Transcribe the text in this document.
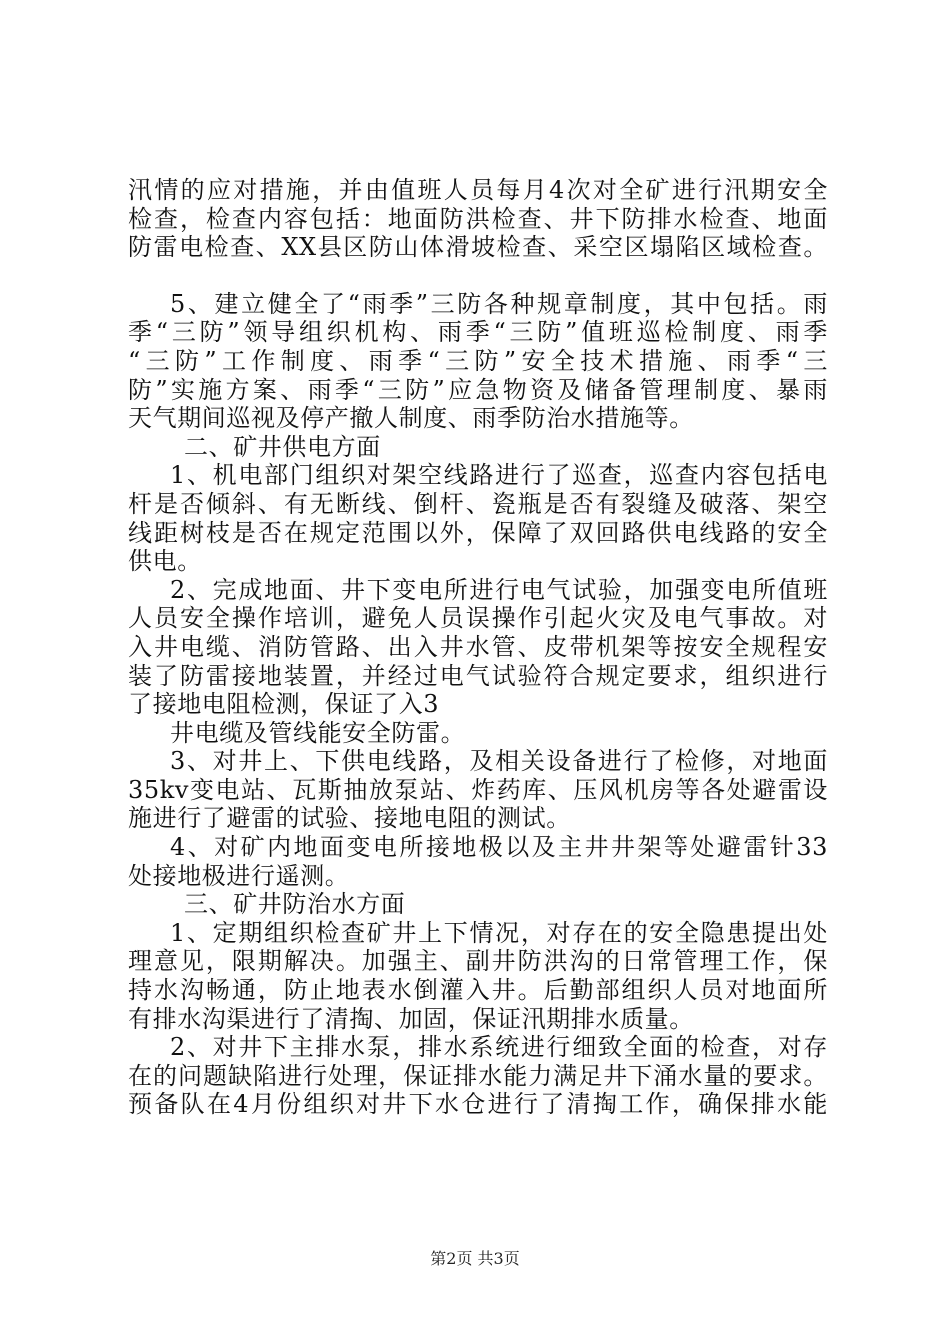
汛情的应对措施，并由值班人员每月4次对全矿进行汛期安全
检查，检查内容包括：地面防洪检查、井下防排水检查、地面
防雷电检查、XX县区防山体滑坡检查、采空区塌陷区域检查。
5、建立健全了“雨季”三防各种规章制度，其中包括。雨
季“三防”领导组织机构、雨季“三防”值班巡检制度、雨季
“三防”工作制度、雨季“三防”安全技术措施、雨季“三
防”实施方案、雨季“三防”应急物资及储备管理制度、暴雨
天气期间巡视及停产撤人制度、雨季防治水措施等。
二、矿井供电方面
1、机电部门组织对架空线路进行了巡查，巡查内容包括电
杆是否倾斜、有无断线、倒杆、瓷瓶是否有裂缝及破落、架空
线距树枝是否在规定范围以外，保障了双回路供电线路的安全
供电。
2、完成地面、井下变电所进行电气试验，加强变电所值班
人员安全操作培训，避免人员误操作引起火灾及电气事故。对
入井电缆、消防管路、出入井水管、皮带机架等按安全规程安
装了防雷接地装置，并经过电气试验符合规定要求，组织进行
了接地电阻检测，保证了入3
井电缆及管线能安全防雷。
3、对井上、下供电线路，及相关设备进行了检修，对地面
35kv变电站、瓦斯抽放泵站、炸药库、压风机房等各处避雷设
施进行了避雷的试验、接地电阻的测试。
4、对矿内地面变电所接地极以及主井井架等处避雷针33
处接地极进行遥测。
三、矿井防治水方面
1、定期组织检查矿井上下情况，对存在的安全隐患提出处
理意见，限期解决。加强主、副井防洪沟的日常管理工作，保
持水沟畅通，防止地表水倒灌入井。后勤部组织人员对地面所
有排水沟渠进行了清掏、加固，保证汛期排水质量。
2、对井下主排水泵，排水系统进行细致全面的检查，对存
在的问题缺陷进行处理，保证排水能力满足井下涌水量的要求。
预备队在4月份组织对井下水仓进行了清掏工作，确保排水能
第2页 共3页
